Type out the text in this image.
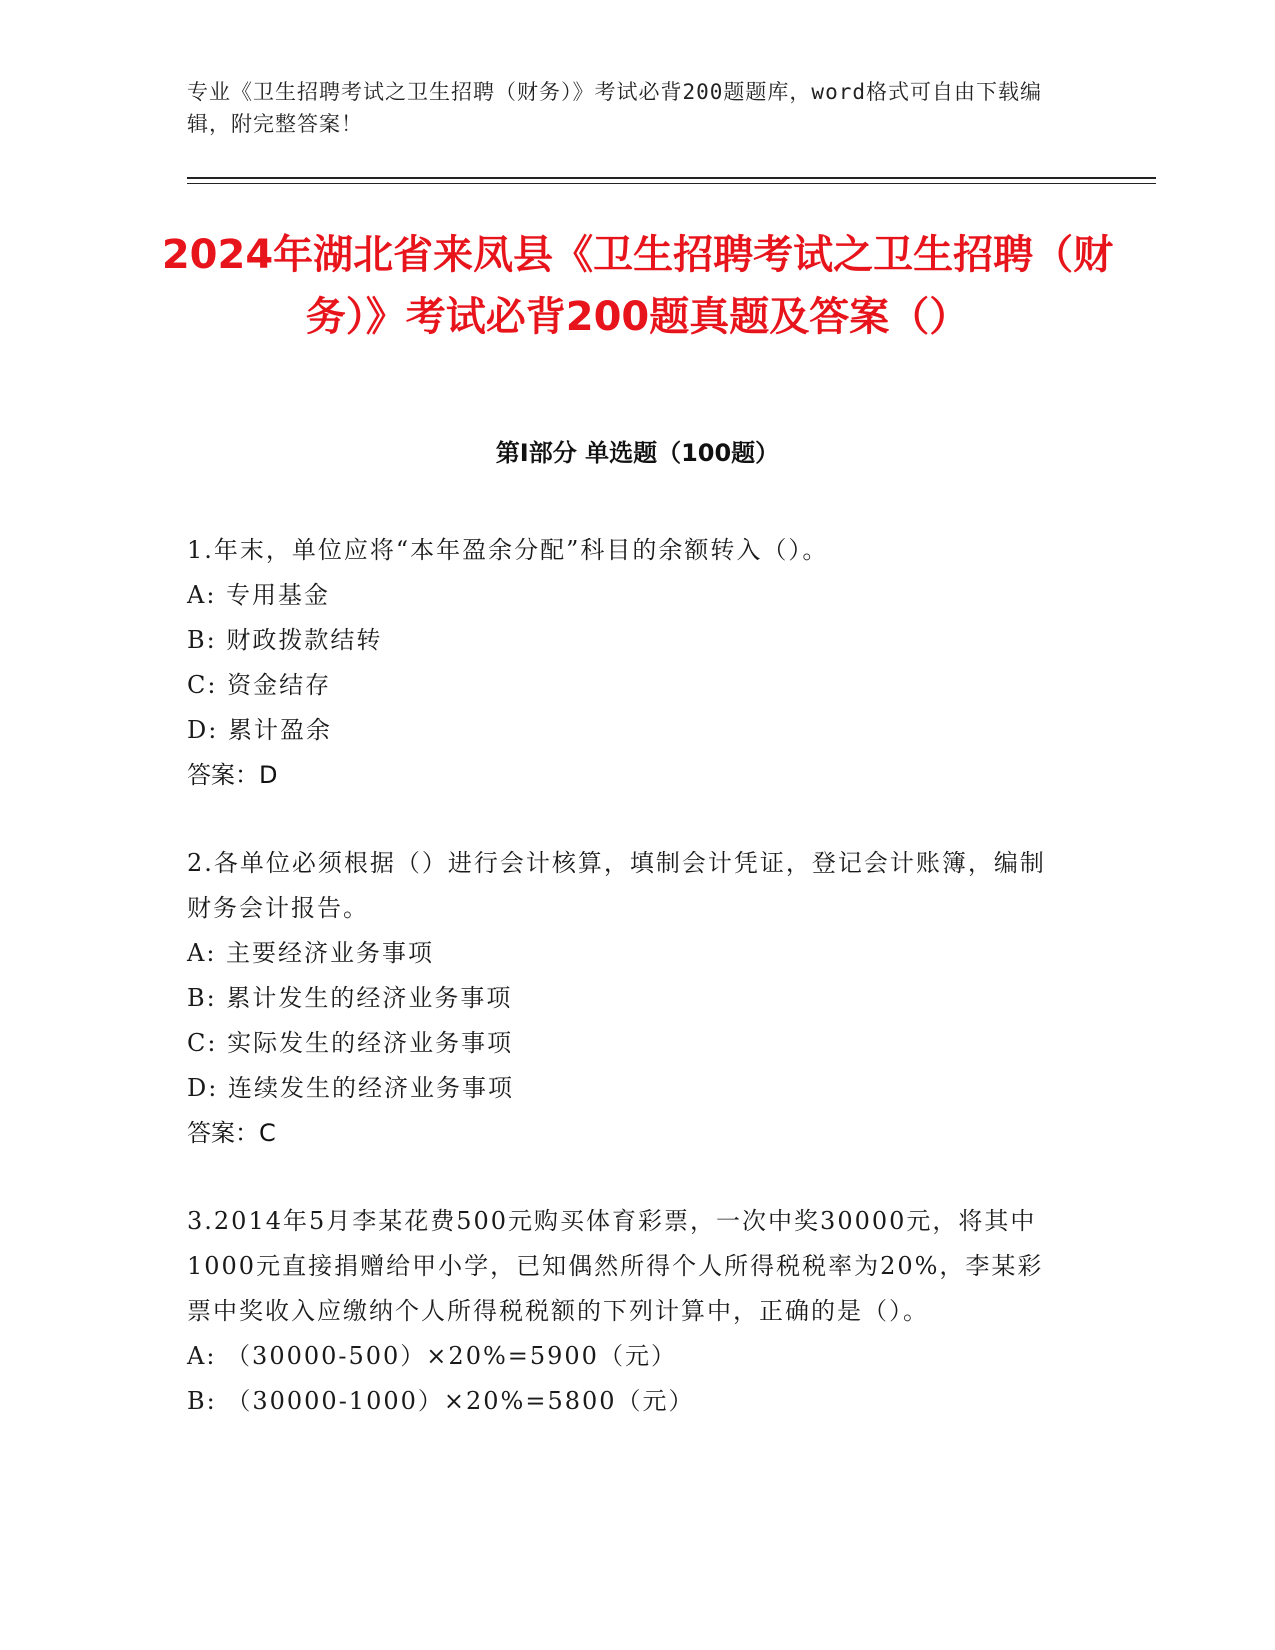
专业《卫生招聘考试之卫生招聘（财务）》考试必背200题题库，word格式可自由下载编辑，附完整答案！
2024年湖北省来凤县《卫生招聘考试之卫生招聘（财务）》考试必背200题真题及答案（）
第I部分 单选题（100题）
1.年末，单位应将“本年盈余分配”科目的余额转入（）。
A: 专用基金
B: 财政拨款结转
C: 资金结存
D: 累计盈余
答案：D
2.各单位必须根据（）进行会计核算，填制会计凭证，登记会计账簿，编制财务会计报告。
A: 主要经济业务事项
B: 累计发生的经济业务事项
C: 实际发生的经济业务事项
D: 连续发生的经济业务事项
答案：C
3.2014年5月李某花费500元购买体育彩票，一次中奖30000元，将其中1000元直接捐赠给甲小学，已知偶然所得个人所得税税率为20%，李某彩票中奖收入应缴纳个人所得税税额的下列计算中，正确的是（）。
A: （30000-500）×20%=5900（元）
B: （30000-1000）×20%=5800（元）
